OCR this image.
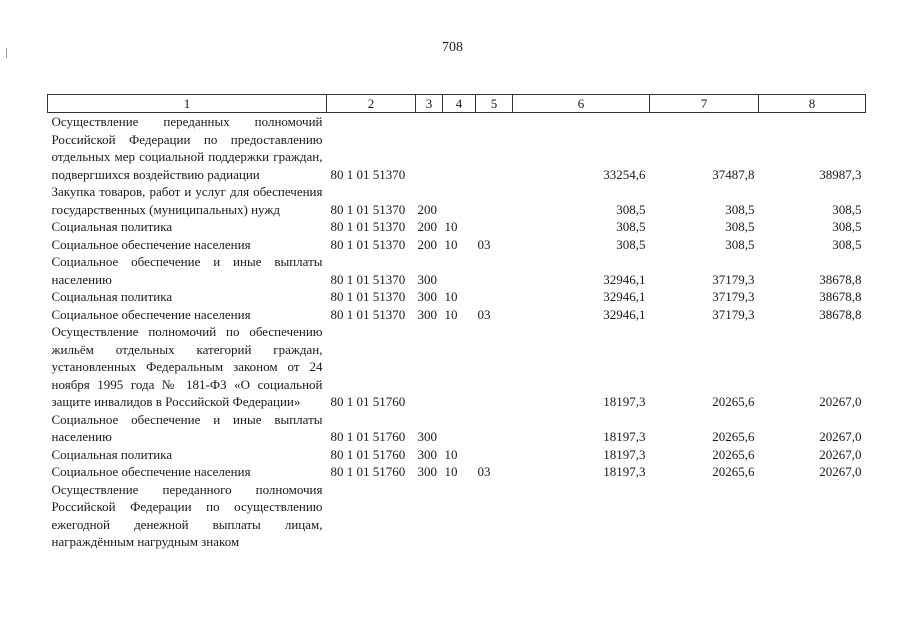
708
1	2	3	4	5	6	7	8
Осуществление переданных полномочий Российской Федерации по предоставлению отдельных мер социальной поддержки граждан, подвергшихся воздействию радиации	80 1 01 51370				33254,6	37487,8	38987,3
Закупка товаров, работ и услуг для обеспечения государственных (муниципальных) нужд	80 1 01 51370	200			308,5	308,5	308,5
Социальная политика	80 1 01 51370	200	10		308,5	308,5	308,5
Социальное обеспечение населения	80 1 01 51370	200	10	03	308,5	308,5	308,5
Социальное обеспечение и иные выплаты населению	80 1 01 51370	300			32946,1	37179,3	38678,8
Социальная политика	80 1 01 51370	300	10		32946,1	37179,3	38678,8
Социальное обеспечение населения	80 1 01 51370	300	10	03	32946,1	37179,3	38678,8
Осуществление полномочий по обеспечению жильём отдельных категорий граждан, установленных Федеральным законом от 24 ноября 1995 года № 181-ФЗ «О социальной защите инвалидов в Российской Федерации»	80 1 01 51760				18197,3	20265,6	20267,0
Социальное обеспечение и иные выплаты населению	80 1 01 51760	300			18197,3	20265,6	20267,0
Социальная политика	80 1 01 51760	300	10		18197,3	20265,6	20267,0
Социальное обеспечение населения	80 1 01 51760	300	10	03	18197,3	20265,6	20267,0
Осуществление переданного полномочия Российской Федерации по осуществлению ежегодной денежной выплаты лицам, награждённым нагрудным знаком							
